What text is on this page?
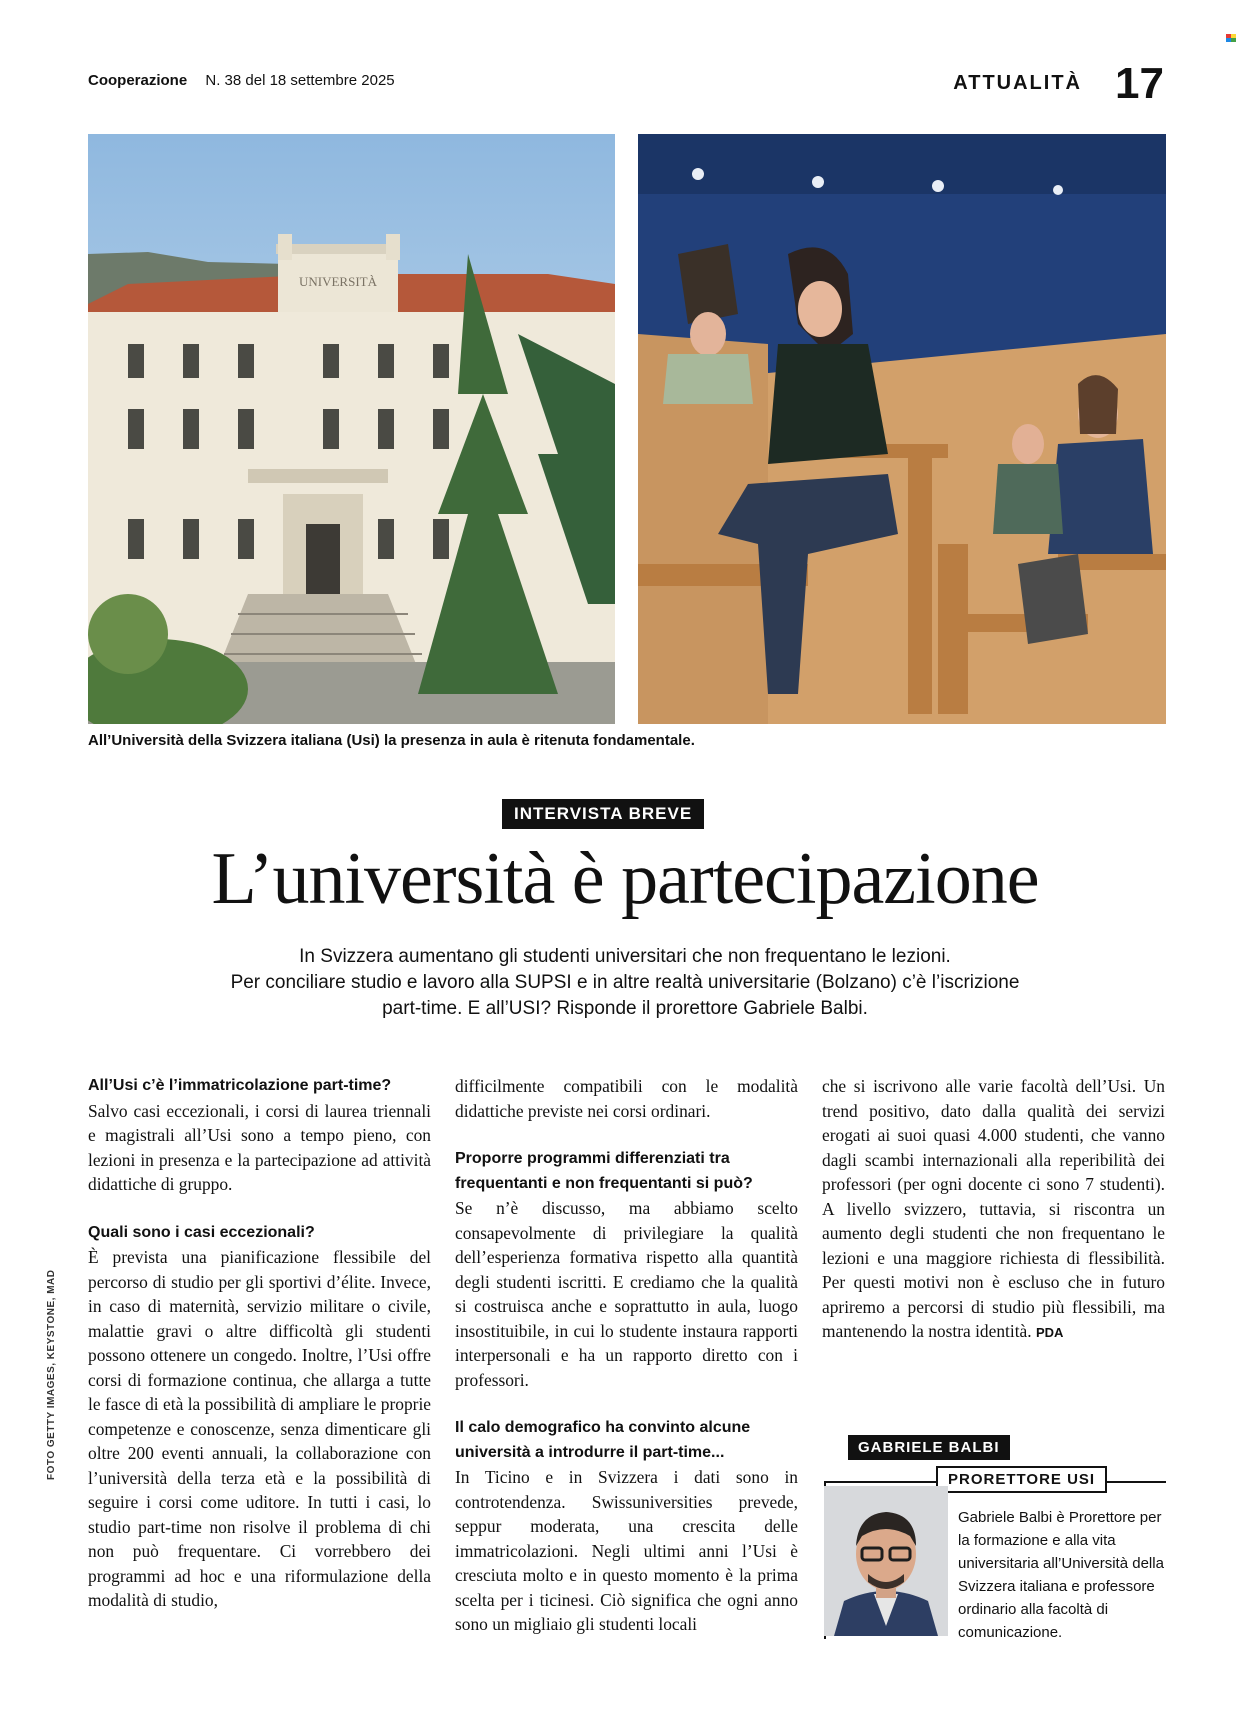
Cooperazione N. 38 del 18 settembre 2025	ATTUALITÀ 17
UNIVERSITÀ
All’Università della Svizzera italiana (Usi) la presenza in aula è ritenuta fondamentale.
INTERVISTA BREVE
L’università è partecipazione
In Svizzera aumentano gli studenti universitari che non frequentano le lezioni.
Per conciliare studio e lavoro alla SUPSI e in altre realtà universitarie (Bolzano) c’è l’iscrizione
part-time. E all’USI? Risponde il prorettore Gabriele Balbi.

All’Usi c’è l’immatricolazione part-time?

Salvo casi eccezionali, i corsi di laurea triennali e magistrali all’Usi sono a tempo pieno, con lezioni in presenza e la partecipazione ad attività didattiche di gruppo.

Quali sono i casi eccezionali?

È prevista una pianificazione flessibile del percorso di studio per gli sportivi d’élite. Invece, in caso di maternità, servizio militare o civile, malattie gravi o altre difficoltà gli studenti possono ottenere un congedo. Inoltre, l’Usi offre corsi di formazione continua, che allarga a tutte le fasce di età la possibilità di ampliare le proprie competenze e conoscenze, senza dimenticare gli oltre 200 eventi annuali, la collaborazione con l’università della terza età e la possibilità di seguire i corsi come uditore. In tutti i casi, lo studio part-time non risolve il problema di chi non può frequentare. Ci vorrebbero dei programmi ad hoc e una riformulazione della modalità di studio,

difficilmente compatibili con le modalità didattiche previste nei corsi ordinari.

Proporre programmi differenziati tra frequentanti e non frequentanti si può?

Se n’è discusso, ma abbiamo scelto consapevolmente di privilegiare la qualità dell’esperienza formativa rispetto alla quantità degli studenti iscritti. E crediamo che la qualità si costruisca anche e soprattutto in aula, luogo insostituibile, in cui lo studente instaura rapporti interpersonali e ha un rapporto diretto con i professori.

Il calo demografico ha convinto alcune università a introdurre il part-time...

In Ticino e in Svizzera i dati sono in controtendenza. Swissuniversities prevede, seppur moderata, una crescita delle immatricolazioni. Negli ultimi anni l’Usi è cresciuta molto e in questo momento è la prima scelta per i ticinesi. Ciò significa che ogni anno sono un migliaio gli studenti locali

che si iscrivono alle varie facoltà dell’Usi. Un trend positivo, dato dalla qualità dei servizi erogati ai suoi quasi 4.000 studenti, che vanno dagli scambi internazionali alla reperibilità dei professori (per ogni docente ci sono 7 studenti). A livello svizzero, tuttavia, si riscontra un aumento degli studenti che non frequentano le lezioni e una maggiore richiesta di flessibilità. Per questi motivi non è escluso che in futuro apriremo a percorsi di studio più flessibili, ma mantenendo la nostra identità. PDA

GABRIELE BALBI
PRORETTORE USI
Gabriele Balbi è Prorettore per la formazione e alla vita universitaria all’Università della Svizzera italiana e professore ordinario alla facoltà di comunicazione.
FOTO GETTY IMAGES, KEYSTONE, MAD
